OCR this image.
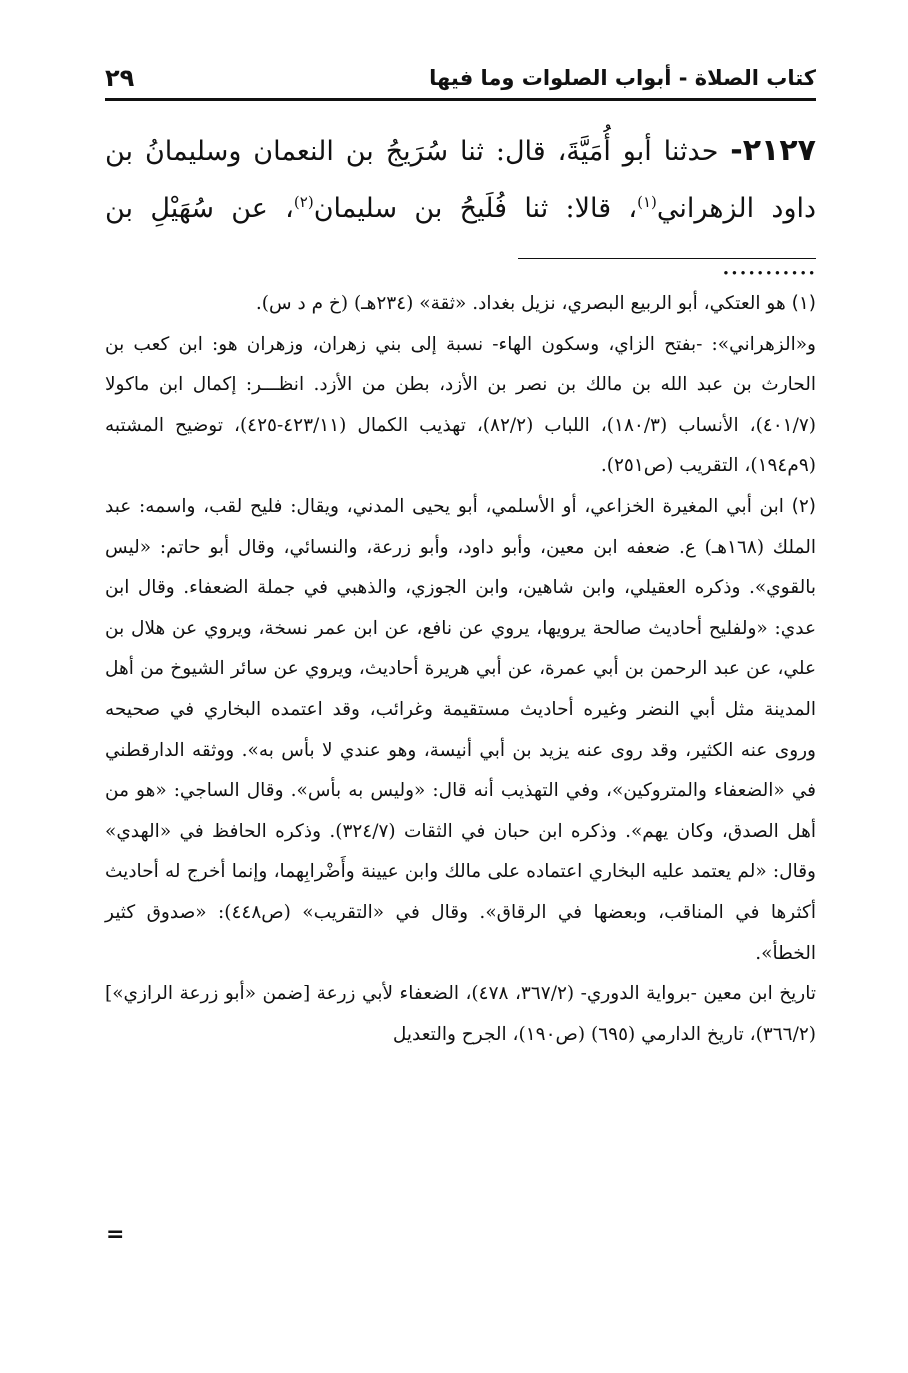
كتاب الصلاة - أبواب الصلوات وما فيها
٢٩
٢١٢٧- حدثنا أبو أُمَيَّةَ، قال: ثنا سُرَيجُ بن النعمان وسليمانُ بن داود الزهراني$^{(١)}$، قالا: ثنا فُلَيحُ بن سليمان$^{(٢)}$، عن سُهَيْلِ بن ...........

(١) هو العتكي، أبو الربيع البصري، نزيل بغداد. «ثقة» (٢٣٤هـ) (خ م د س).

و«الزهراني»: -بفتح الزاي، وسكون الهاء- نسبة إلى بني زهران، وزهران هو: ابن كعب بن الحارث بن عبد الله بن مالك بن نصر بن الأزد، بطن من الأزد. انظـــر: إكمال ابن ماكولا (٤٠١/٧)، الأنساب (١٨٠/٣)، اللباب (٨٢/٢)، تهذيب الكمال (٤٢٣/١١-٤٢٥)، توضيح المشتبه (٩م١٩٤)، التقريب (ص٢٥١).

(٢) ابن أبي المغيرة الخزاعي، أو الأسلمي، أبو يحيى المدني، ويقال: فليح لقب، واسمه: عبد الملك (١٦٨هـ) ع. ضعفه ابن معين، وأبو داود، وأبو زرعة، والنسائي، وقال أبو حاتم: «ليس بالقوي». وذكره العقيلي، وابن شاهين، وابن الجوزي، والذهبي في جملة الضعفاء. وقال ابن عدي: «ولفليح أحاديث صالحة يرويها، يروي عن نافع، عن ابن عمر نسخة، ويروي عن هلال بن علي، عن عبد الرحمن بن أبي عمرة، عن أبي هريرة أحاديث، ويروي عن سائر الشيوخ من أهل المدينة مثل أبي النضر وغيره أحاديث مستقيمة وغرائب، وقد اعتمده البخاري في صحيحه وروى عنه الكثير، وقد روى عنه يزيد بن أبي أنيسة، وهو عندي لا بأس به». ووثقه الدارقطني في «الضعفاء والمتروكين»، وفي التهذيب أنه قال: «وليس به بأس». وقال الساجي: «هو من أهل الصدق، وكان يهم». وذكره ابن حبان في الثقات (٣٢٤/٧). وذكره الحافظ في «الهدي» وقال: «لم يعتمد عليه البخاري اعتماده على مالك وابن عيينة وأَضْرابِهما، وإنما أخرج له أحاديث أكثرها في المناقب، وبعضها في الرقاق». وقال في «التقريب» (ص٤٤٨): «صدوق كثير الخطأ».

تاريخ ابن معين -برواية الدوري- (٣٦٧/٢، ٤٧٨)، الضعفاء لأبي زرعة [ضمن «أبو زرعة الرازي»] (٣٦٦/٢)، تاريخ الدارمي (٦٩٥) (ص١٩٠)، الجرح والتعديل

=
